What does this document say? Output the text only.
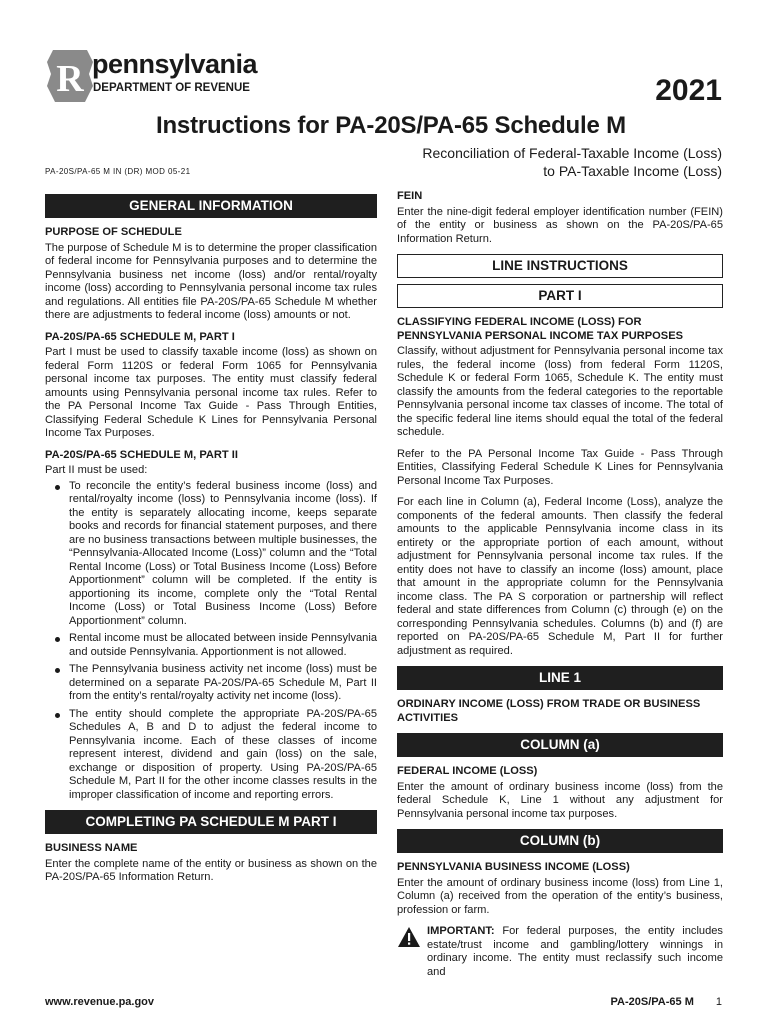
R pennsylvania
DEPARTMENT OF REVENUE	2021
Instructions for PA-20S/PA-65 Schedule M
Reconciliation of Federal-Taxable Income (Loss)
to PA-Taxable Income (Loss)
PA-20S/PA-65 M IN (DR) MOD 05-21
GENERAL INFORMATION
PURPOSE OF SCHEDULE
The purpose of Schedule M is to determine the proper classification of federal income for Pennsylvania purposes and to determine the Pennsylvania business net income (loss) and/or rental/royalty income (loss) according to Pennsylvania personal income tax rules and regulations. All entities file PA-20S/PA-65 Schedule M whether there are adjustments to federal income (loss) amounts or not.
PA-20S/PA-65 SCHEDULE M, PART I
Part I must be used to classify taxable income (loss) as shown on federal Form 1120S or federal Form 1065 for Pennsylvania personal income tax purposes. The entity must classify federal amounts using Pennsylvania personal income tax rules. Refer to the PA Personal Income Tax Guide - Pass Through Entities, Classifying Federal Schedule K Lines for Pennsylvania Personal Income Tax Purposes.
PA-20S/PA-65 SCHEDULE M, PART II
Part II must be used:
To reconcile the entity’s federal business income (loss) and rental/royalty income (loss) to Pennsylvania income (loss). If the entity is separately allocating income, keeps separate books and records for financial statement purposes, and there are no business transactions between multiple businesses, the “Pennsylvania-Allocated Income (Loss)” column and the “Total Rental Income (Loss) or Total Business Income (Loss) Before Apportionment” column will be completed. If the entity is apportioning its income, complete only the “Total Rental Income (Loss) or Total Business Income (Loss) Before Apportionment” column.
Rental income must be allocated between inside Pennsylvania and outside Pennsylvania. Apportionment is not allowed.
The Pennsylvania business activity net income (loss) must be determined on a separate PA-20S/PA-65 Schedule M, Part II from the entity’s rental/royalty activity net income (loss).
The entity should complete the appropriate PA-20S/PA-65 Schedules A, B and D to adjust the federal income to Pennsylvania income. Each of these classes of income represent interest, dividend and gain (loss) on the sale, exchange or disposition of property. Using PA-20S/PA-65 Schedule M, Part II for the other income classes results in the improper classification of income and reporting errors.
COMPLETING PA SCHEDULE M PART I
BUSINESS NAME
Enter the complete name of the entity or business as shown on the PA-20S/PA-65 Information Return.
FEIN
Enter the nine-digit federal employer identification number (FEIN) of the entity or business as shown on the PA-20S/PA-65 Information Return.
LINE INSTRUCTIONS
PART I
CLASSIFYING FEDERAL INCOME (LOSS) FOR PENNSYLVANIA PERSONAL INCOME TAX PURPOSES
Classify, without adjustment for Pennsylvania personal income tax rules, the federal income (loss) from federal Form 1120S, Schedule K or federal Form 1065, Schedule K. The entity must classify the amounts from the federal categories to the reportable Pennsylvania personal income tax classes of income. The total of the specific federal line items should equal the total of the federal schedule.
Refer to the PA Personal Income Tax Guide - Pass Through Entities, Classifying Federal Schedule K Lines for Pennsylvania Personal Income Tax Purposes.
For each line in Column (a), Federal Income (Loss), analyze the components of the federal amounts. Then classify the federal amounts to the applicable Pennsylvania income class in its entirety or the appropriate portion of each amount, without adjustment for Pennsylvania personal income tax rules. If the entity does not have to classify an income (loss) amount, place that amount in the appropriate column for the Pennsylvania income class. The PA S corporation or partnership will reflect federal and state differences from Column (c) through (e) on the corresponding Pennsylvania schedules. Columns (b) and (f) are reported on PA-20S/PA-65 Schedule M, Part II for further adjustment as required.
LINE 1
ORDINARY INCOME (LOSS) FROM TRADE OR BUSINESS ACTIVITIES
COLUMN (a)
FEDERAL INCOME (LOSS)
Enter the amount of ordinary business income (loss) from the federal Schedule K, Line 1 without any adjustment for Pennsylvania personal income tax purposes.
COLUMN (b)
PENNSYLVANIA BUSINESS INCOME (LOSS)
Enter the amount of ordinary business income (loss) from Line 1, Column (a) received from the operation of the entity’s business, profession or farm.
IMPORTANT: For federal purposes, the entity includes estate/trust income and gambling/lottery winnings in ordinary income. The entity must reclassify such income and
www.revenue.pa.gov	PA-20S/PA-65 M 1
